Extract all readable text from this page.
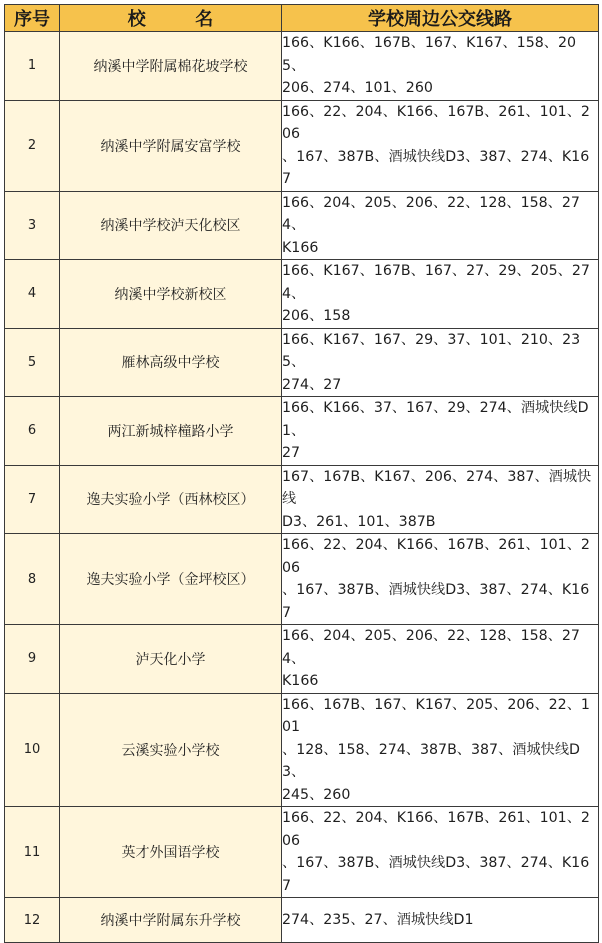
序号	校 名	学校周边公交线路
1	纳溪中学附属棉花坡学校	166、K166、167B、167、K167、158、205、
206、274、101、260
2	纳溪中学附属安富学校	166、22、204、K166、167B、261、101、206
、167、387B、酒城快线D3、387、274、K167
3	纳溪中学校泸天化校区	166、204、205、206、22、128、158、274、
K166
4	纳溪中学校新校区	166、K167、167B、167、27、29、205、274、
206、158
5	雁林高级中学校	166、K167、167、29、37、101、210、235、
274、27
6	两江新城梓橦路小学	166、K166、37、167、29、274、酒城快线D1、
27
7	逸夫实验小学（西林校区）	167、167B、K167、206、274、387、酒城快线
D3、261、101、387B
8	逸夫实验小学（金坪校区）	166、22、204、K166、167B、261、101、206
、167、387B、酒城快线D3、387、274、K167
9	泸天化小学	166、204、205、206、22、128、158、274、
K166
10	云溪实验小学校	166、167B、167、K167、205、206、22、101
、128、158、274、387B、387、酒城快线D3、
245、260
11	英才外国语学校	166、22、204、K166、167B、261、101、206
、167、387B、酒城快线D3、387、274、K167
12	纳溪中学附属东升学校	274、235、27、酒城快线D1
